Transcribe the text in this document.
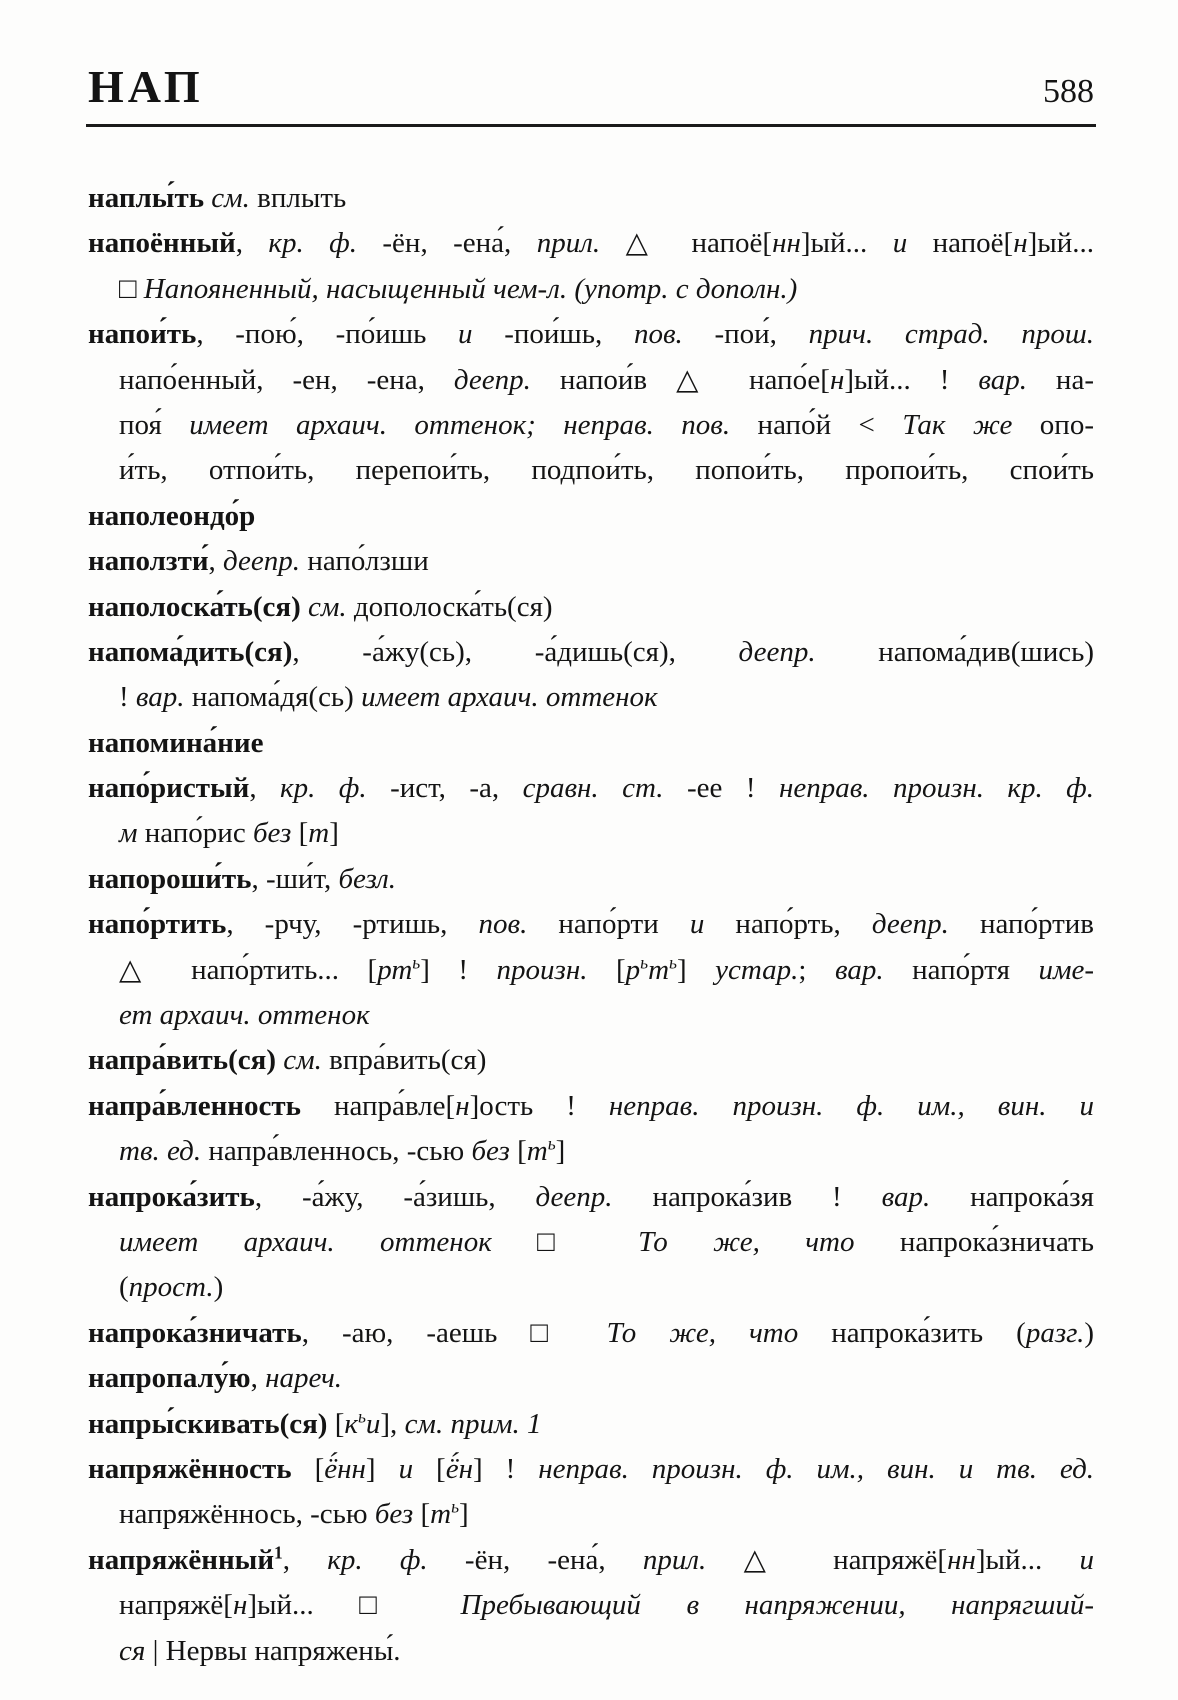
НАП	588
наплы́ть см. вплыть
напоённый, кр. ф. -ён, -ена́, прил. △ напоё[нн]ый... и напоё[н]ый...
□ Напояненный, насыщенный чем-л. (употр. с дополн.)
напои́ть, -пою́, -по́ишь и -пои́шь, пов. -пои́, прич. страд. прош.
напо́енный, -ен, -ена, деепр. напои́в △ напо́е[н]ый... ! вар. на-
поя́ имеет архаич. оттенок; неправ. пов. напо́й < Так же опо-
и́ть, отпои́ть, перепои́ть, подпои́ть, попои́ть, пропои́ть, спои́ть
наполеондо́р
наползти́, деепр. напо́лзши
наполоска́ть(ся) см. дополоска́ть(ся)
напома́дить(ся), -а́жу(сь), -а́дишь(ся), деепр. напома́див(шись)
! вар. напома́дя(сь) имеет архаич. оттенок
напомина́ние
напо́ристый, кр. ф. -ист, -а, сравн. ст. -ее ! неправ. произн. кр. ф.
м напо́рис без [т]
напороши́ть, -ши́т, безл.
напо́ртить, -рчу, -ртишь, пов. напо́рти и напо́рть, деепр. напо́ртив
△ напо́ртить... $[рт^ь]$ ! произн. $[р^ьт^ь]$ устар.; вар. напо́ртя име-
ет архаич. оттенок
напра́вить(ся) см. впра́вить(ся)
напра́вленность напра́вле[н]ость ! неправ. произн. ф. им., вин. и
тв. ед. напра́вленнось, -сью без $[т^ь]$
напрока́зить, -а́жу, -а́зишь, деепр. напрока́зив ! вар. напрока́зя
имеет архаич. оттенок □ То же, что напрока́зничать
(прост.)
напрока́зничать, -аю, -аешь □ То же, что напрока́зить (разг.)
напропалу́ю, нареч.
напры́скивать(ся) $[к^ьи]$, см. прим. 1
напряжённость [ё́нн] и [ё́н] ! неправ. произн. ф. им., вин. и тв. ед.
напряжённось, -сью без $[т^ь]$
напряжённый$^1$, кр. ф. -ён, -ена́, прил. △ напряжё[нн]ый... и
напряжё[н]ый... □ Пребывающий в напряжении, напрягший-
ся | Нервы напряжены́.
